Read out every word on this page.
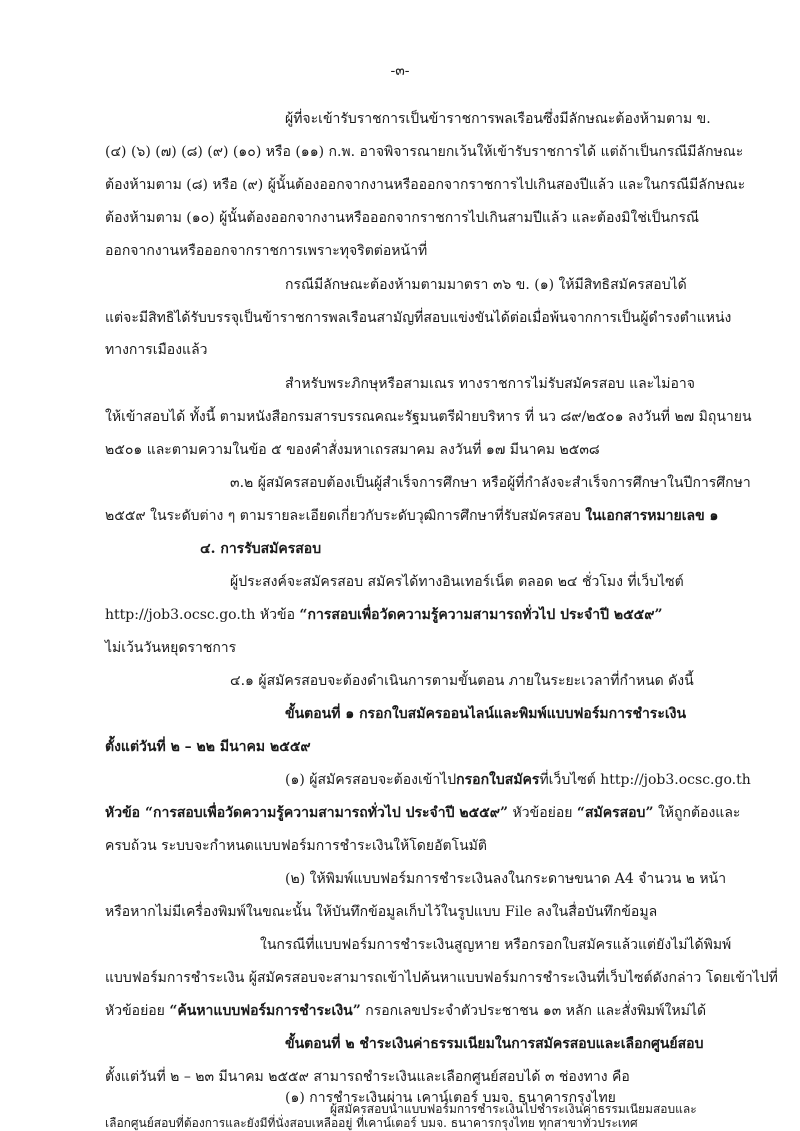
-๓-
ผู้ที่จะเข้ารับราชการเป็นข้าราชการพลเรือนซึ่งมีลักษณะต้องห้ามตาม ข.
(๔) (๖) (๗) (๘) (๙) (๑๐) หรือ (๑๑) ก.พ. อาจพิจารณายกเว้นให้เข้ารับราชการได้ แต่ถ้าเป็นกรณีมีลักษณะ
ต้องห้ามตาม (๘) หรือ (๙) ผู้นั้นต้องออกจากงานหรือออกจากราชการไปเกินสองปีแล้ว และในกรณีมีลักษณะ
ต้องห้ามตาม (๑๐) ผู้นั้นต้องออกจากงานหรือออกจากราชการไปเกินสามปีแล้ว และต้องมิใช่เป็นกรณี
ออกจากงานหรือออกจากราชการเพราะทุจริตต่อหน้าที่
กรณีมีลักษณะต้องห้ามตามมาตรา ๓๖ ข. (๑) ให้มีสิทธิสมัครสอบได้
แต่จะมีสิทธิได้รับบรรจุเป็นข้าราชการพลเรือนสามัญที่สอบแข่งขันได้ต่อเมื่อพ้นจากการเป็นผู้ดำรงตำแหน่ง
ทางการเมืองแล้ว
สำหรับพระภิกษุหรือสามเณร ทางราชการไม่รับสมัครสอบ และไม่อาจ
ให้เข้าสอบได้ ทั้งนี้ ตามหนังสือกรมสารบรรณคณะรัฐมนตรีฝ่ายบริหาร ที่ นว ๘๙/๒๕๐๑ ลงวันที่ ๒๗ มิถุนายน
๒๕๐๑ และตามความในข้อ ๕ ของคำสั่งมหาเถรสมาคม ลงวันที่ ๑๗ มีนาคม ๒๕๓๘
๓.๒ ผู้สมัครสอบต้องเป็นผู้สำเร็จการศึกษา หรือผู้ที่กำลังจะสำเร็จการศึกษาในปีการศึกษา
๒๕๕๙ ในระดับต่าง ๆ ตามรายละเอียดเกี่ยวกับระดับวุฒิการศึกษาที่รับสมัครสอบ ในเอกสารหมายเลข ๑
๔. การรับสมัครสอบ
ผู้ประสงค์จะสมัครสอบ สมัครได้ทางอินเทอร์เน็ต ตลอด ๒๔ ชั่วโมง ที่เว็บไซต์
http://job3.ocsc.go.th หัวข้อ “การสอบเพื่อวัดความรู้ความสามารถทั่วไป ประจำปี ๒๕๕๙”
ไม่เว้นวันหยุดราชการ
๔.๑ ผู้สมัครสอบจะต้องดำเนินการตามขั้นตอน ภายในระยะเวลาที่กำหนด ดังนี้
ขั้นตอนที่ ๑ กรอกใบสมัครออนไลน์และพิมพ์แบบฟอร์มการชำระเงิน
ตั้งแต่วันที่ ๒ – ๒๒ มีนาคม ๒๕๕๙
(๑) ผู้สมัครสอบจะต้องเข้าไปกรอกใบสมัครที่เว็บไซต์ http://job3.ocsc.go.th
หัวข้อ “การสอบเพื่อวัดความรู้ความสามารถทั่วไป ประจำปี ๒๕๕๙” หัวข้อย่อย “สมัครสอบ” ให้ถูกต้องและ
ครบถ้วน ระบบจะกำหนดแบบฟอร์มการชำระเงินให้โดยอัตโนมัติ
(๒) ให้พิมพ์แบบฟอร์มการชำระเงินลงในกระดาษขนาด A4 จำนวน ๒ หน้า
หรือหากไม่มีเครื่องพิมพ์ในขณะนั้น ให้บันทึกข้อมูลเก็บไว้ในรูปแบบ File ลงในสื่อบันทึกข้อมูล
ในกรณีที่แบบฟอร์มการชำระเงินสูญหาย หรือกรอกใบสมัครแล้วแต่ยังไม่ได้พิมพ์
แบบฟอร์มการชำระเงิน ผู้สมัครสอบจะสามารถเข้าไปค้นหาแบบฟอร์มการชำระเงินที่เว็บไซต์ดังกล่าว โดยเข้าไปที่
หัวข้อย่อย “ค้นหาแบบฟอร์มการชำระเงิน” กรอกเลขประจำตัวประชาชน ๑๓ หลัก และสั่งพิมพ์ใหม่ได้
ขั้นตอนที่ ๒ ชำระเงินค่าธรรมเนียมในการสมัครสอบและเลือกศูนย์สอบ
ตั้งแต่วันที่ ๒ – ๒๓ มีนาคม ๒๕๕๙ สามารถชำระเงินและเลือกศูนย์สอบได้ ๓ ช่องทาง คือ
(๑) การชำระเงินผ่าน เคาน์เตอร์ บมจ. ธนาคารกรุงไทย
ผู้สมัครสอบนำแบบฟอร์มการชำระเงินไปชำระเงินค่าธรรมเนียมสอบและ
เลือกศูนย์สอบที่ต้องการและยังมีที่นั่งสอบเหลืออยู่ ที่เคาน์เตอร์ บมจ. ธนาคารกรุงไทย ทุกสาขาทั่วประเทศ
